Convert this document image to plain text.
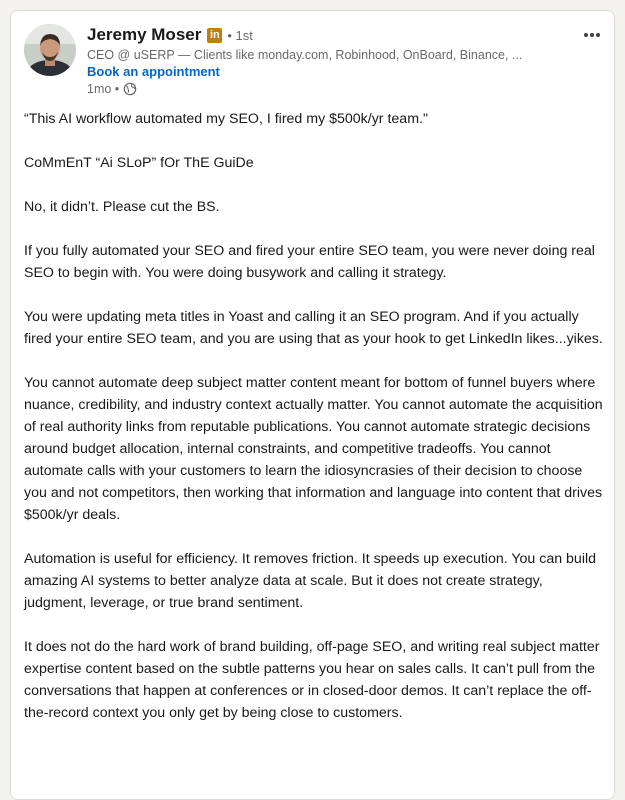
Jeremy Moser in • 1st
CEO @ uSERP — Clients like monday.com, Robinhood, OnBoard, Binance, ...
Book an appointment
1mo •

“This AI workflow automated my SEO, I fired my $500k/yr team."

CoMmEnT “Ai SLoP” fOr ThE GuiDe

No, it didn’t. Please cut the BS.

If you fully automated your SEO and fired your entire SEO team, you were never doing real SEO to begin with. You were doing busywork and calling it strategy.

You were updating meta titles in Yoast and calling it an SEO program. And if you actually fired your entire SEO team, and you are using that as your hook to get LinkedIn likes...yikes.

You cannot automate deep subject matter content meant for bottom of funnel buyers where nuance, credibility, and industry context actually matter. You cannot automate the acquisition of real authority links from reputable publications. You cannot automate strategic decisions around budget allocation, internal constraints, and competitive tradeoffs. You cannot automate calls with your customers to learn the idiosyncrasies of their decision to choose you and not competitors, then working that information and language into content that drives $500k/yr deals.

Automation is useful for efficiency. It removes friction. It speeds up execution. You can build amazing AI systems to better analyze data at scale. But it does not create strategy, judgment, leverage, or true brand sentiment.

It does not do the hard work of brand building, off-page SEO, and writing real subject matter expertise content based on the subtle patterns you hear on sales calls. It can’t pull from the conversations that happen at conferences or in closed-door demos. It can’t replace the off-the-record context you only get by being close to customers.
